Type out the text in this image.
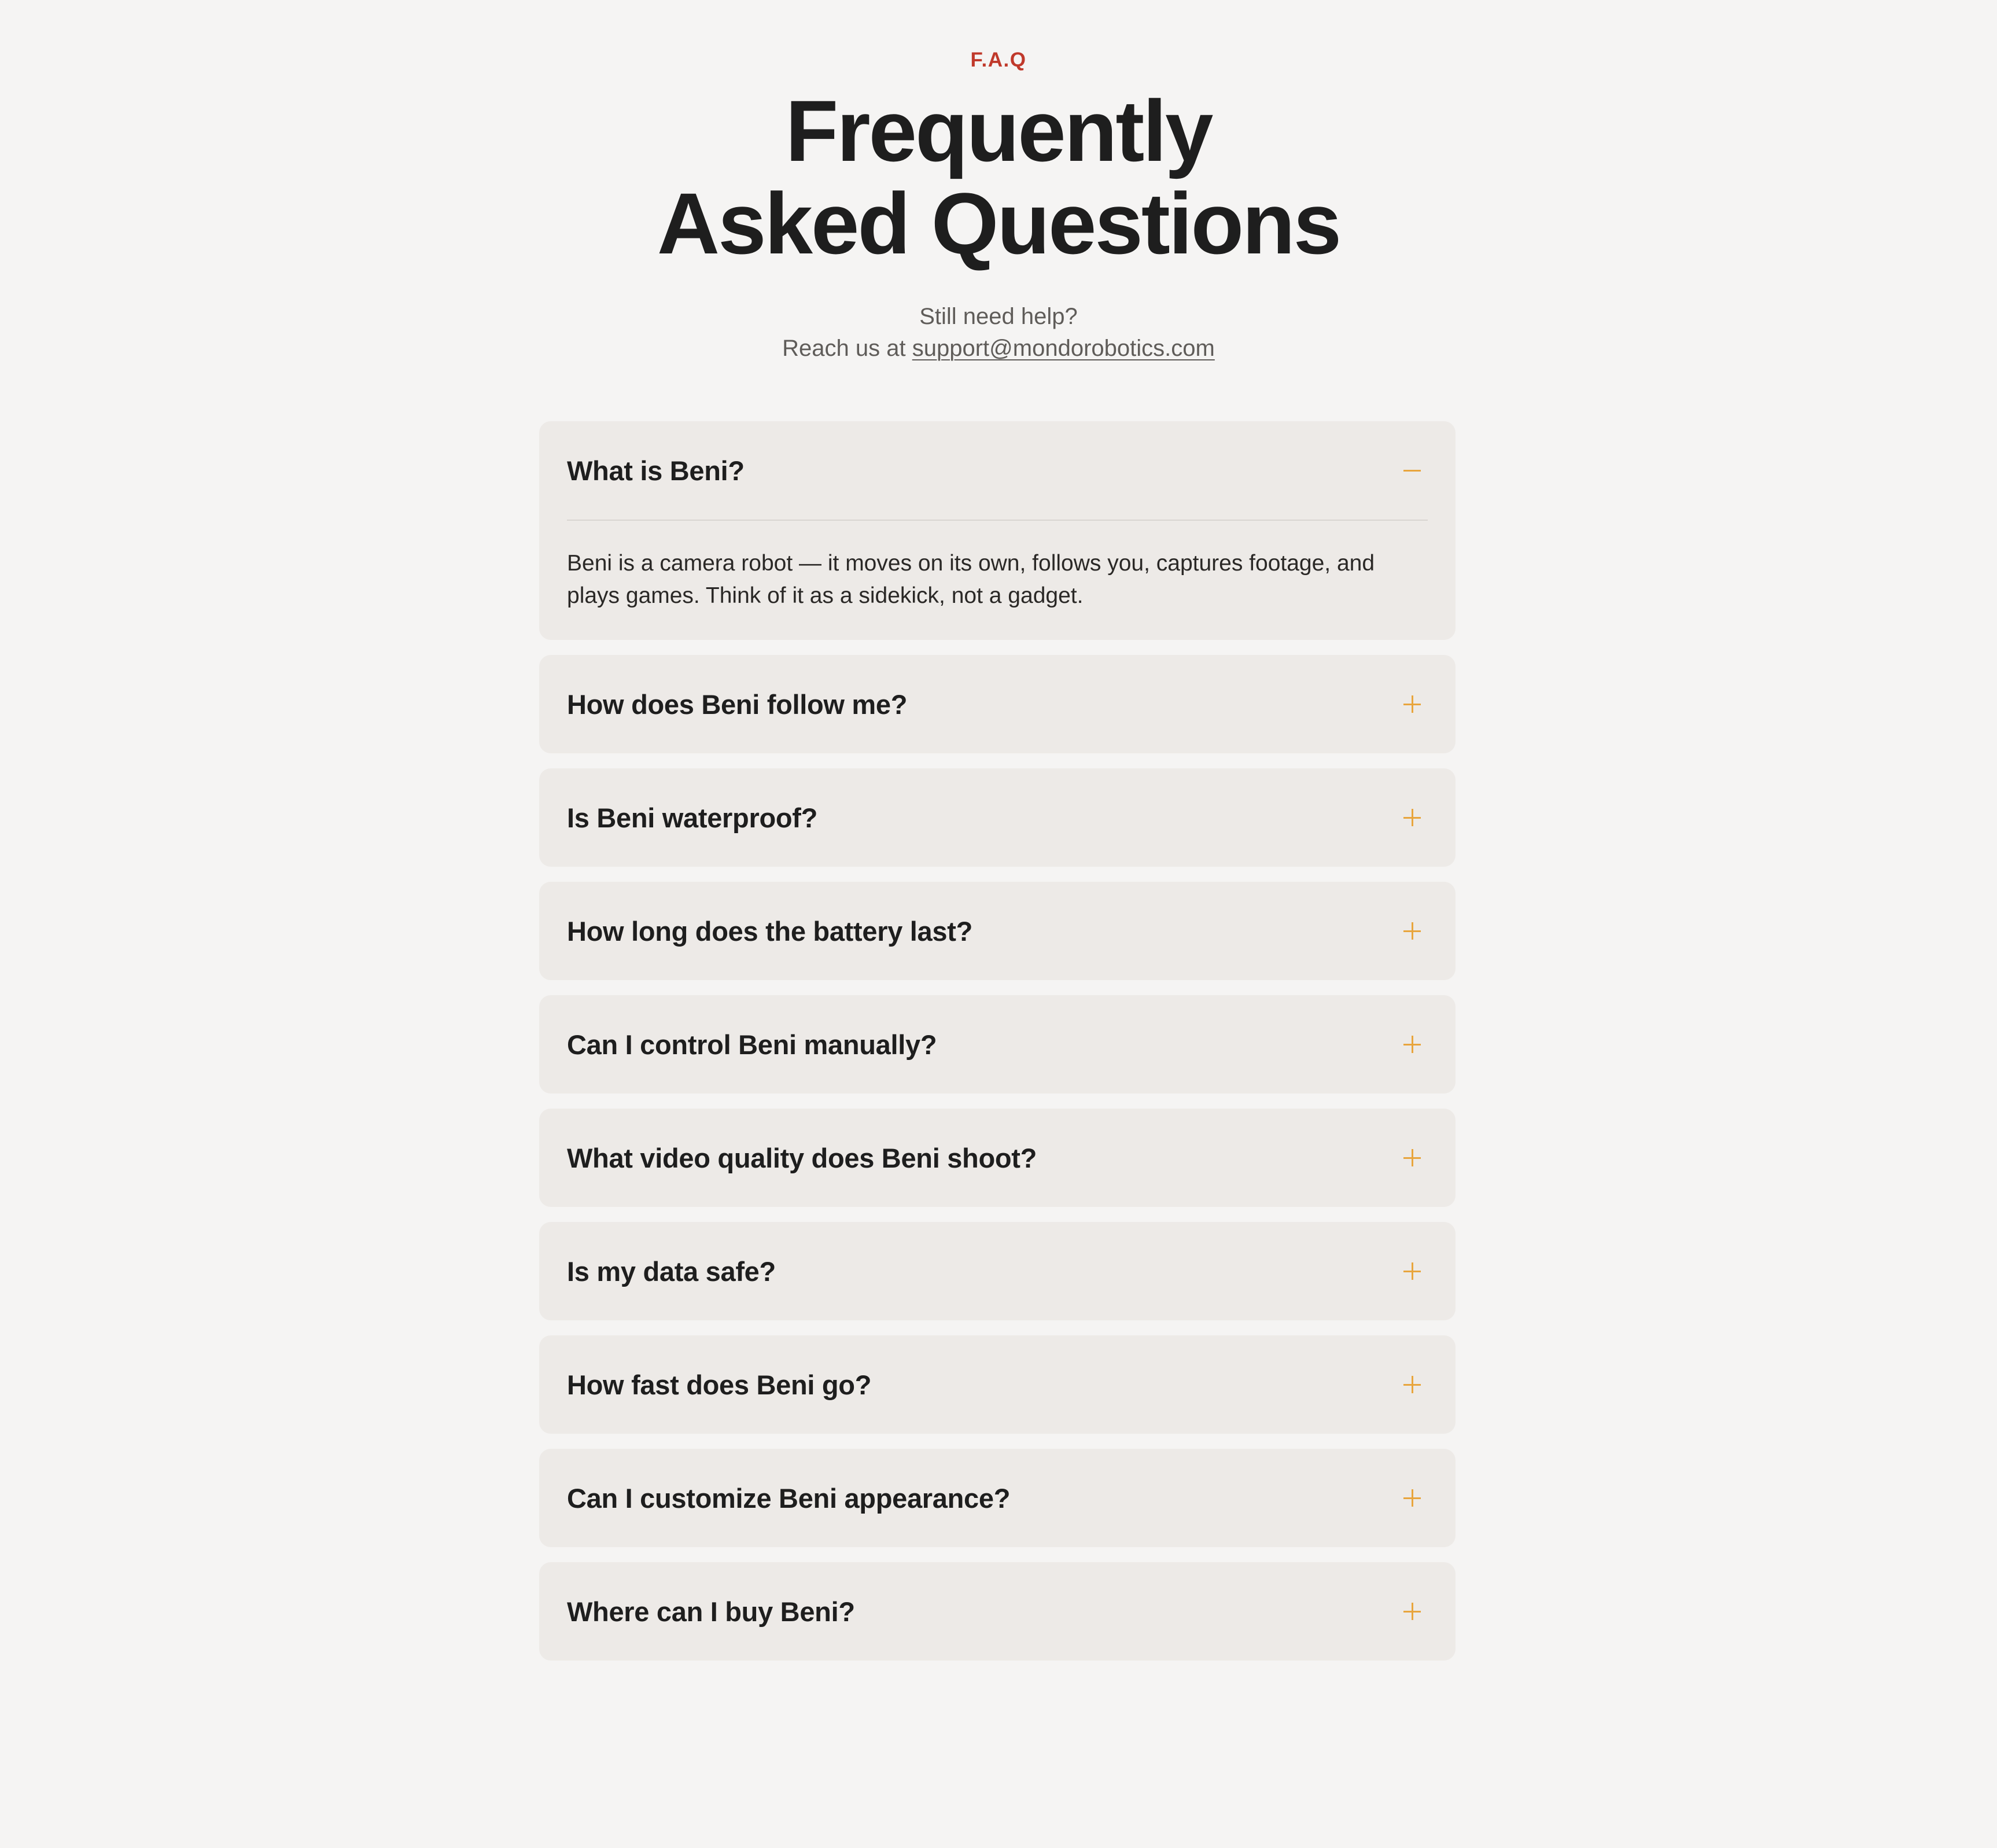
F.A.Q
Frequently
Asked Questions
Still need help?
Reach us at support@mondorobotics.com
What is Beni?
Beni is a camera robot — it moves on its own, follows you, captures footage, and plays games. Think of it as a sidekick, not a gadget.
How does Beni follow me?
Is Beni waterproof?
How long does the battery last?
Can I control Beni manually?
What video quality does Beni shoot?
Is my data safe?
How fast does Beni go?
Can I customize Beni appearance?
Where can I buy Beni?
